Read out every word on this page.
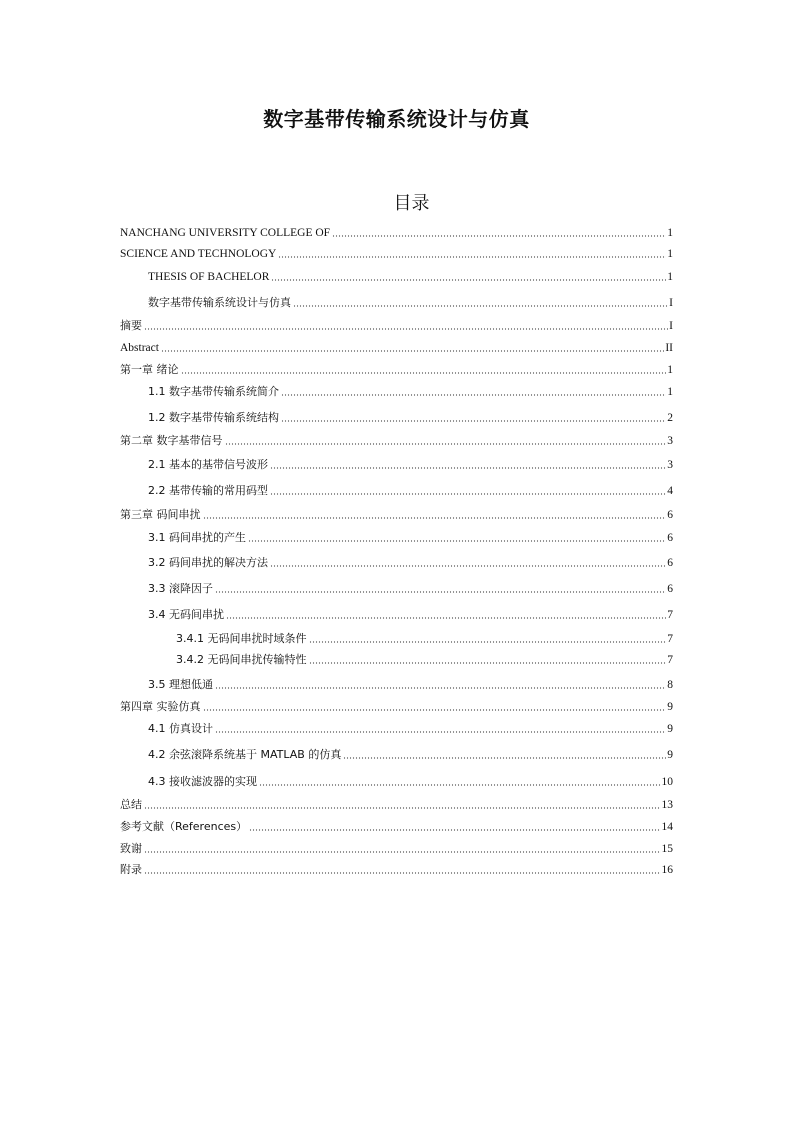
数字基带传输系统设计与仿真
目录
NANCHANG UNIVERSITY COLLEGE OF	1
SCIENCE AND TECHNOLOGY	1
THESIS OF BACHELOR	1
数字基带传输系统设计与仿真	I
摘要	I
Abstract	II
第一章 绪论	1
1.1 数字基带传输系统简介	1
1.2 数字基带传输系统结构	2
第二章 数字基带信号	3
2.1 基本的基带信号波形	3
2.2 基带传输的常用码型	4
第三章 码间串扰	6
3.1 码间串扰的产生	6
3.2 码间串扰的解决方法	6
3.3 滚降因子	6
3.4 无码间串扰	7
3.4.1 无码间串扰时域条件	7
3.4.2 无码间串扰传输特性	7
3.5 理想低通	8
第四章 实验仿真	9
4.1 仿真设计	9
4.2 余弦滚降系统基于 MATLAB 的仿真	9
4.3 接收滤波器的实现	10
总结	13
参考文献（References）	14
致谢	15
附录	16
